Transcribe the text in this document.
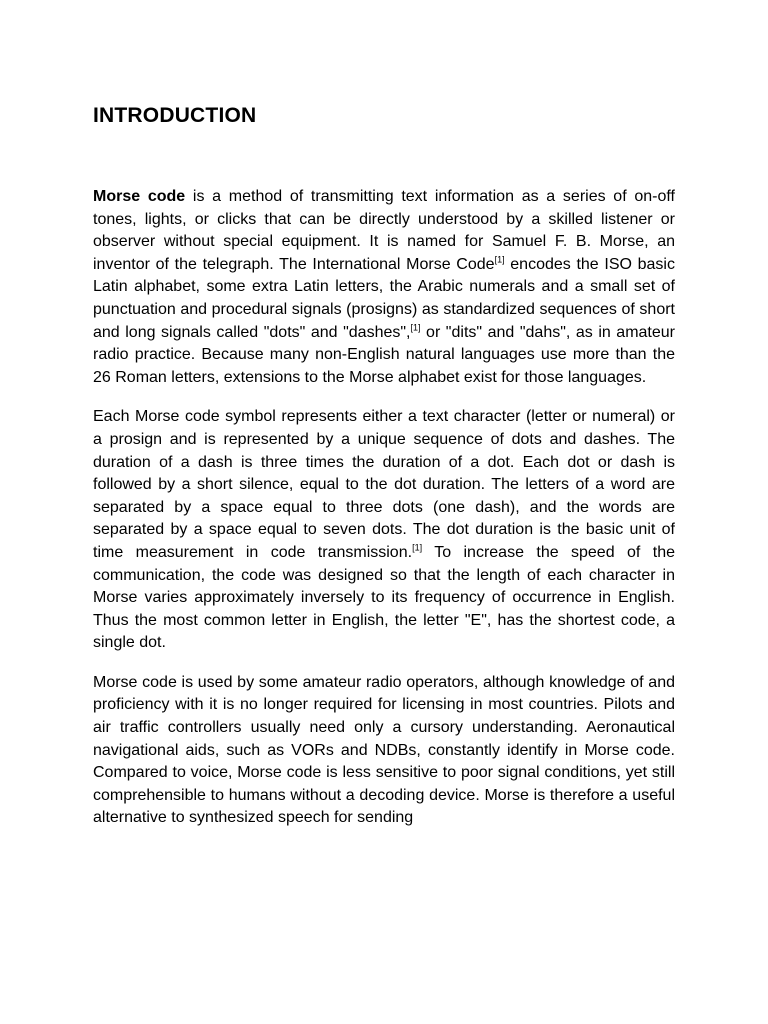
INTRODUCTION

Morse code is a method of transmitting text information as a series of on-off tones, lights, or clicks that can be directly understood by a skilled listener or observer without special equipment. It is named for Samuel F. B. Morse, an inventor of the telegraph. The International Morse Code[1] encodes the ISO basic Latin alphabet, some extra Latin letters, the Arabic numerals and a small set of punctuation and procedural signals (prosigns) as standardized sequences of short and long signals called "dots" and "dashes",[1] or "dits" and "dahs", as in amateur radio practice. Because many non-English natural languages use more than the 26 Roman letters, extensions to the Morse alphabet exist for those languages.

Each Morse code symbol represents either a text character (letter or numeral) or a prosign and is represented by a unique sequence of dots and dashes. The duration of a dash is three times the duration of a dot. Each dot or dash is followed by a short silence, equal to the dot duration. The letters of a word are separated by a space equal to three dots (one dash), and the words are separated by a space equal to seven dots. The dot duration is the basic unit of time measurement in code transmission.[1] To increase the speed of the communication, the code was designed so that the length of each character in Morse varies approximately inversely to its frequency of occurrence in English. Thus the most common letter in English, the letter "E", has the shortest code, a single dot.

Morse code is used by some amateur radio operators, although knowledge of and proficiency with it is no longer required for licensing in most countries. Pilots and air traffic controllers usually need only a cursory understanding. Aeronautical navigational aids, such as VORs and NDBs, constantly identify in Morse code. Compared to voice, Morse code is less sensitive to poor signal conditions, yet still comprehensible to humans without a decoding device. Morse is therefore a useful alternative to synthesized speech for sending
